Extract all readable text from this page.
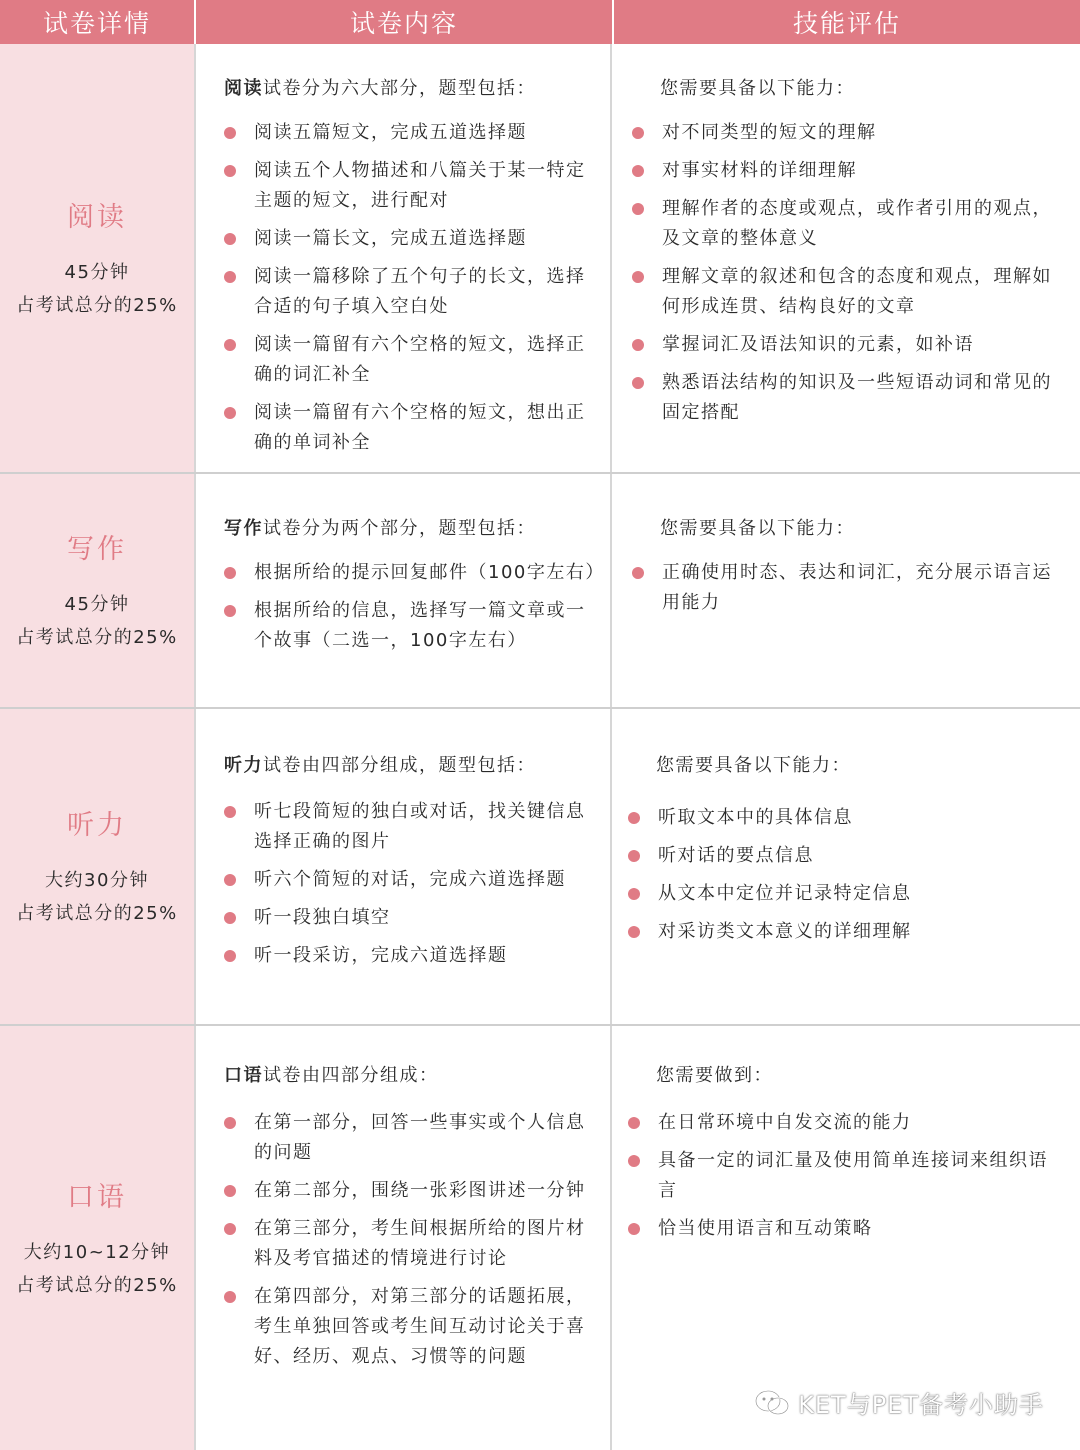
试卷详情	试卷内容	技能评估
阅读
45分钟
占考试总分的25%
阅读试卷分为六大部分，题型包括：
阅读五篇短文，完成五道选择题
阅读五个人物描述和八篇关于某一特定主题的短文，进行配对
阅读一篇长文，完成五道选择题
阅读一篇移除了五个句子的长文，选择合适的句子填入空白处
阅读一篇留有六个空格的短文，选择正确的词汇补全
阅读一篇留有六个空格的短文，想出正确的单词补全
您需要具备以下能力：
对不同类型的短文的理解
对事实材料的详细理解
理解作者的态度或观点，或作者引用的观点，及文章的整体意义
理解文章的叙述和包含的态度和观点，理解如何形成连贯、结构良好的文章
掌握词汇及语法知识的元素，如补语
熟悉语法结构的知识及一些短语动词和常见的固定搭配
写作
45分钟
占考试总分的25%
写作试卷分为两个部分，题型包括：
根据所给的提示回复邮件（100字左右）
根据所给的信息，选择写一篇文章或一个故事（二选一，100字左右）
您需要具备以下能力：
正确使用时态、表达和词汇，充分展示语言运用能力
听力
大约30分钟
占考试总分的25%
听力试卷由四部分组成，题型包括：
听七段简短的独白或对话，找关键信息选择正确的图片
听六个简短的对话，完成六道选择题
听一段独白填空
听一段采访，完成六道选择题
您需要具备以下能力：
听取文本中的具体信息
听对话的要点信息
从文本中定位并记录特定信息
对采访类文本意义的详细理解
口语
大约10~12分钟
占考试总分的25%
口语试卷由四部分组成：
在第一部分，回答一些事实或个人信息的问题
在第二部分，围绕一张彩图讲述一分钟
在第三部分，考生间根据所给的图片材料及考官描述的情境进行讨论
在第四部分，对第三部分的话题拓展，考生单独回答或考生间互动讨论关于喜好、经历、观点、习惯等的问题
您需要做到：
在日常环境中自发交流的能力
具备一定的词汇量及使用简单连接词来组织语言
恰当使用语言和互动策略
KET与PET备考小助手
